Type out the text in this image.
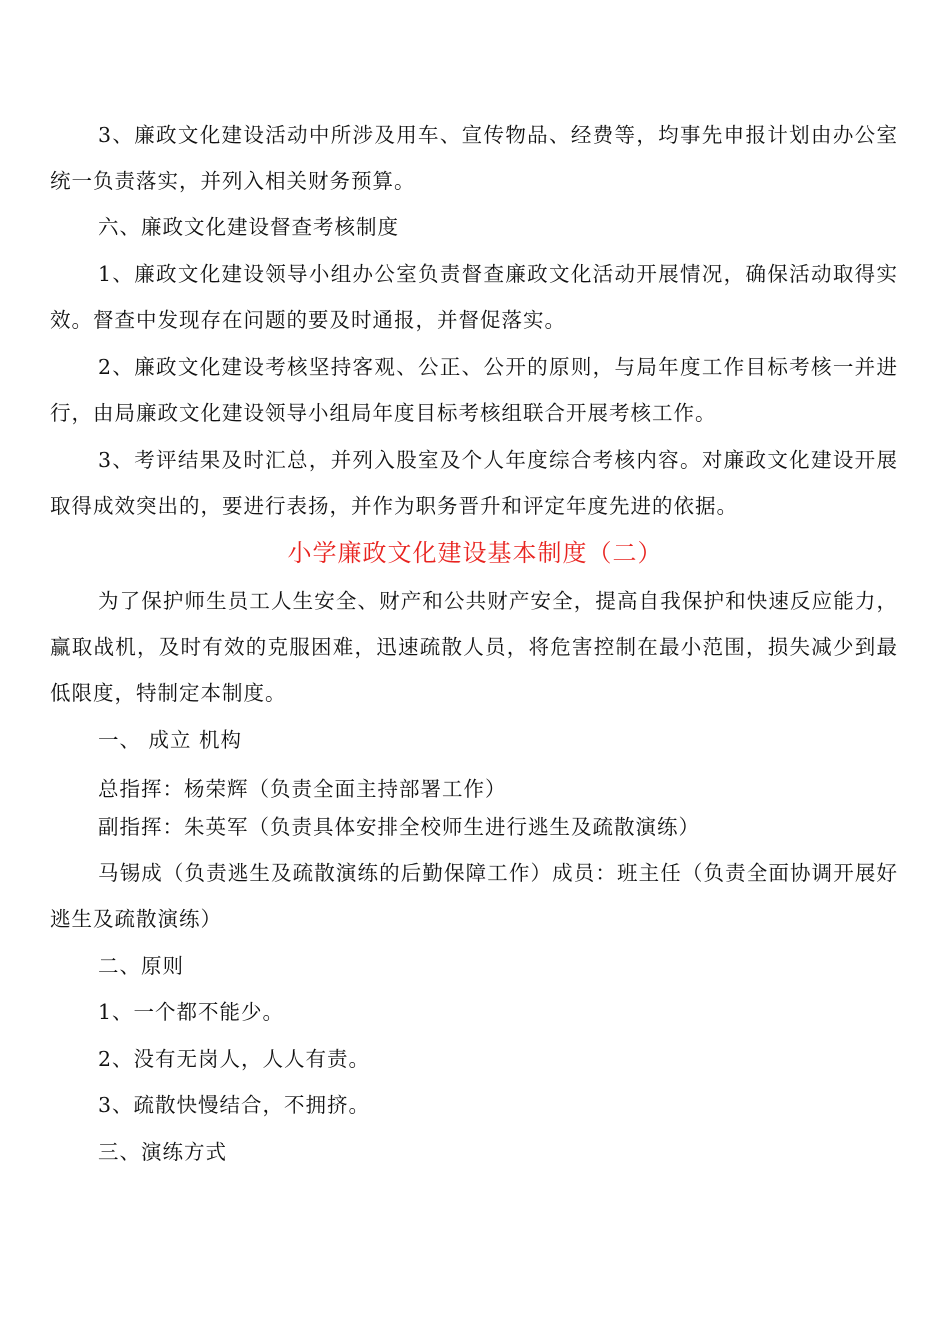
3、廉政文化建设活动中所涉及用车、宣传物品、经费等，均事先申报计划由办公室统一负责落实，并列入相关财务预算。

六、廉政文化建设督查考核制度

1、廉政文化建设领导小组办公室负责督查廉政文化活动开展情况，确保活动取得实效。督查中发现存在问题的要及时通报，并督促落实。

2、廉政文化建设考核坚持客观、公正、公开的原则，与局年度工作目标考核一并进行，由局廉政文化建设领导小组局年度目标考核组联合开展考核工作。

3、考评结果及时汇总，并列入股室及个人年度综合考核内容。对廉政文化建设开展取得成效突出的，要进行表扬，并作为职务晋升和评定年度先进的依据。

小学廉政文化建设基本制度（二）

为了保护师生员工人生安全、财产和公共财产安全，提高自我保护和快速反应能力，赢取战机，及时有效的克服困难，迅速疏散人员，将危害控制在最小范围，损失减少到最低限度，特制定本制度。

一、 成立 机构

总指挥：杨荣辉（负责全面主持部署工作）

副指挥：朱英军（负责具体安排全校师生进行逃生及疏散演练）

马锡成（负责逃生及疏散演练的后勤保障工作）成员：班主任（负责全面协调开展好逃生及疏散演练）

二、原则

1、一个都不能少。

2、没有无岗人，人人有责。

3、疏散快慢结合，不拥挤。

三、演练方式
